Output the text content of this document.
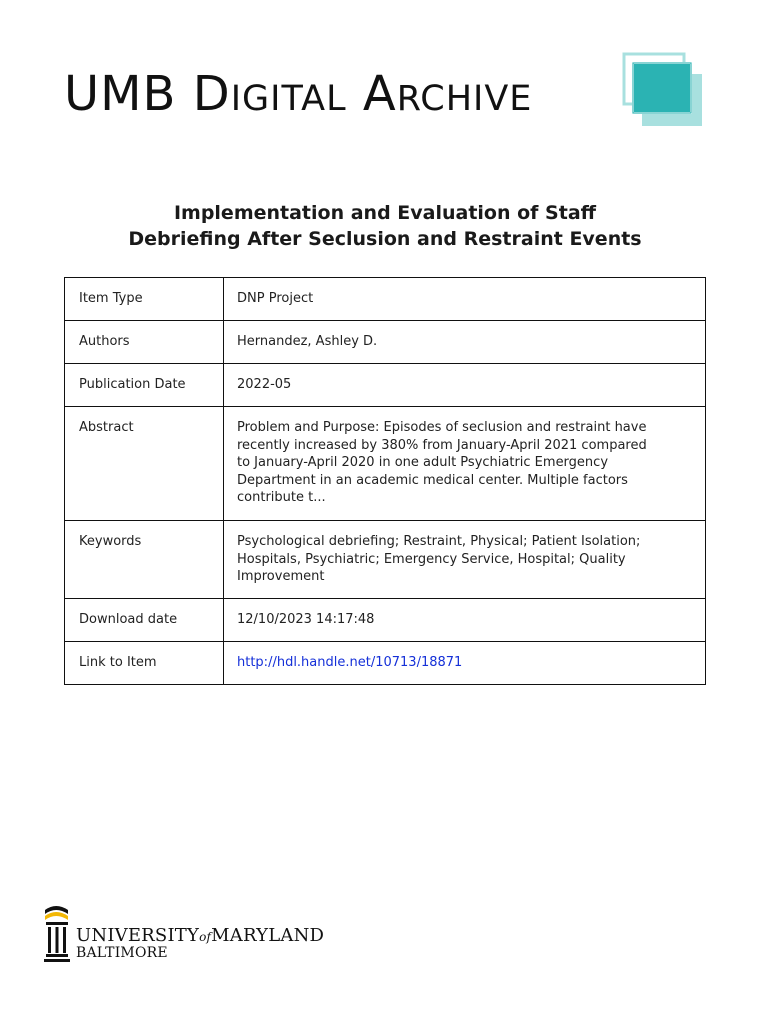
UMB DIGITAL ARCHIVE
Implementation and Evaluation of Staff
Debriefing After Seclusion and Restraint Events
Item Type	DNP Project
Authors	Hernandez, Ashley D.
Publication Date	2022-05
Abstract	Problem and Purpose: Episodes of seclusion and restraint have
recently increased by 380% from January-April 2021 compared
to January-April 2020 in one adult Psychiatric Emergency
Department in an academic medical center. Multiple factors
contribute t...

Keywords	Psychological debriefing; Restraint, Physical; Patient Isolation;
Hospitals, Psychiatric; Emergency Service, Hospital; Quality
Improvement

Download date	12/10/2023 14:17:48
Link to Item	http://hdl.handle.net/10713/18871
UNIVERSITYofMARYLAND
BALTIMORE
